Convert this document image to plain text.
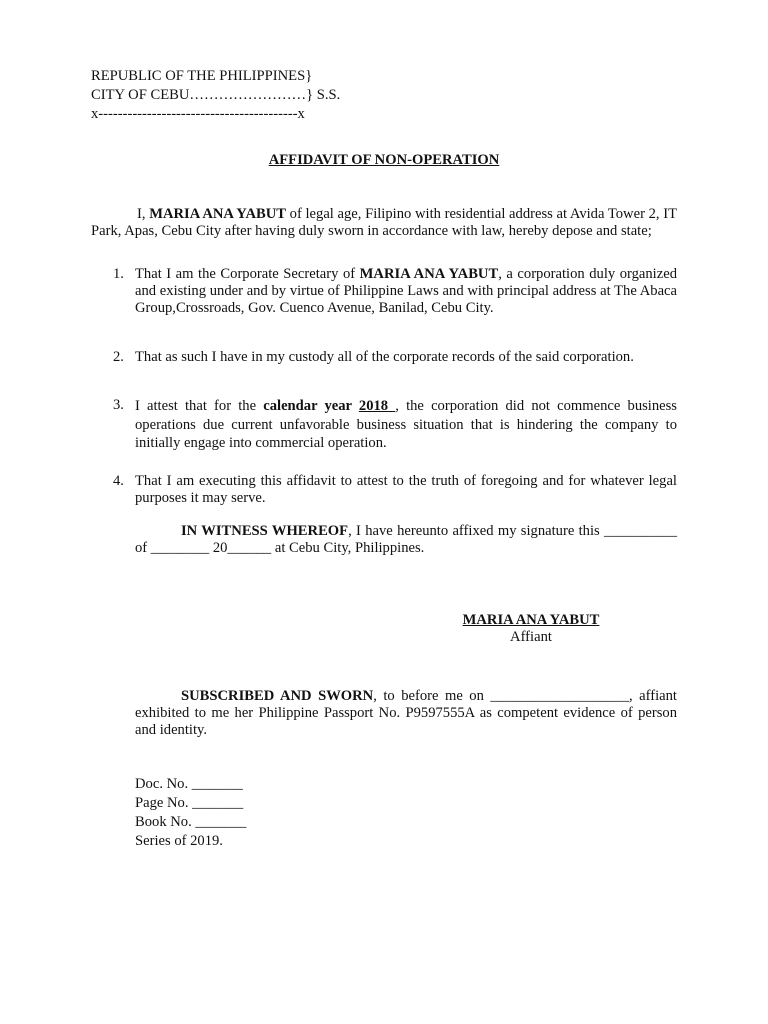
REPUBLIC OF THE PHILIPPINES}
CITY OF CEBU……………………} S.S.
x-----------------------------------------x
AFFIDAVIT OF NON-OPERATION
I, MARIA ANA YABUT of legal age, Filipino with residential address at Avida Tower 2, IT Park, Apas, Cebu City after having duly sworn in accordance with law, hereby depose and state;
1. That I am the Corporate Secretary of MARIA ANA YABUT, a corporation duly organized and existing under and by virtue of Philippine Laws and with principal address at The Abaca Group,Crossroads, Gov. Cuenco Avenue, Banilad, Cebu City.
2. That as such I have in my custody all of the corporate records of the said corporation.
3. I attest that for the calendar year 2018 , the corporation did not commence business operations due current unfavorable business situation that is hindering the company to initially engage into commercial operation.
4. That I am executing this affidavit to attest to the truth of foregoing and for whatever legal purposes it may serve.
IN WITNESS WHEREOF, I have hereunto affixed my signature this __________ of ________ 20______ at Cebu City, Philippines.
MARIA ANA YABUT
Affiant
SUBSCRIBED AND SWORN, to before me on ___________________, affiant exhibited to me her Philippine Passport No. P9597555A as competent evidence of person and identity.
Doc. No. _______
Page No. _______
Book No. _______
Series of 2019.
